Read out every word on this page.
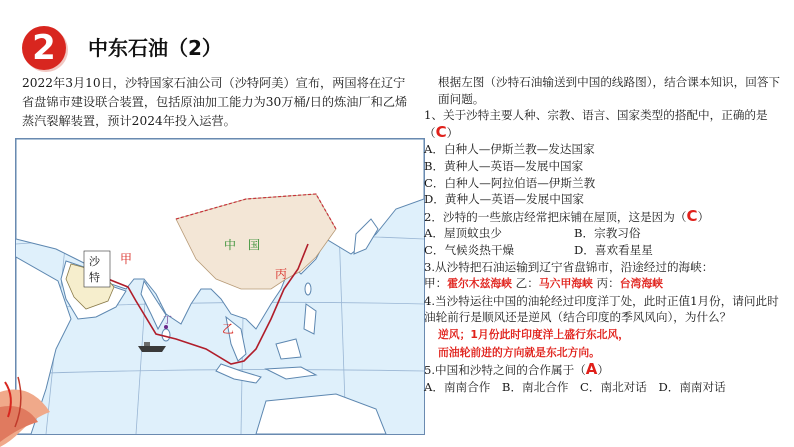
2	中东石油（2）
2022年3月10日，沙特国家石油公司（沙特阿美）宣布，两国将在辽宁省盘锦市建设联合装置，包括原油加工能力为30万桶/日的炼油厂和乙烯蒸汽裂解装置，预计2024年投入运营。
丁
中　国
沙
特
甲
乙
丙

根据左图（沙特石油输送到中国的线路图），结合课本知识，回答下面问题。

1、关于沙特主要人种、宗教、语言、国家类型的搭配中，正确的是（C）

A．白种人—伊斯兰教—发达国家

B．黄种人—英语—发展中国家

C．白种人—阿拉伯语—伊斯兰教

D．黄种人—英语—发展中国家

2．沙特的一些旅店经常把床铺在屋顶，这是因为（C）

A．屋顶蚊虫少	B．宗教习俗

C．气候炎热干燥	D．喜欢看星星

3.从沙特把石油运输到辽宁省盘锦市，沿途经过的海峡：

甲：霍尔木兹海峡 乙：马六甲海峡 丙：台湾海峡

4.当沙特运往中国的油轮经过印度洋丁处，此时正值1月份，请问此时油轮前行是顺风还是逆风（结合印度的季风风向），为什么？

逆风；1月份此时印度洋上盛行东北风，

而油轮前进的方向就是东北方向。

5.中国和沙特之间的合作属于（A）

A．南南合作　B．南北合作　C．南北对话　D．南南对话
